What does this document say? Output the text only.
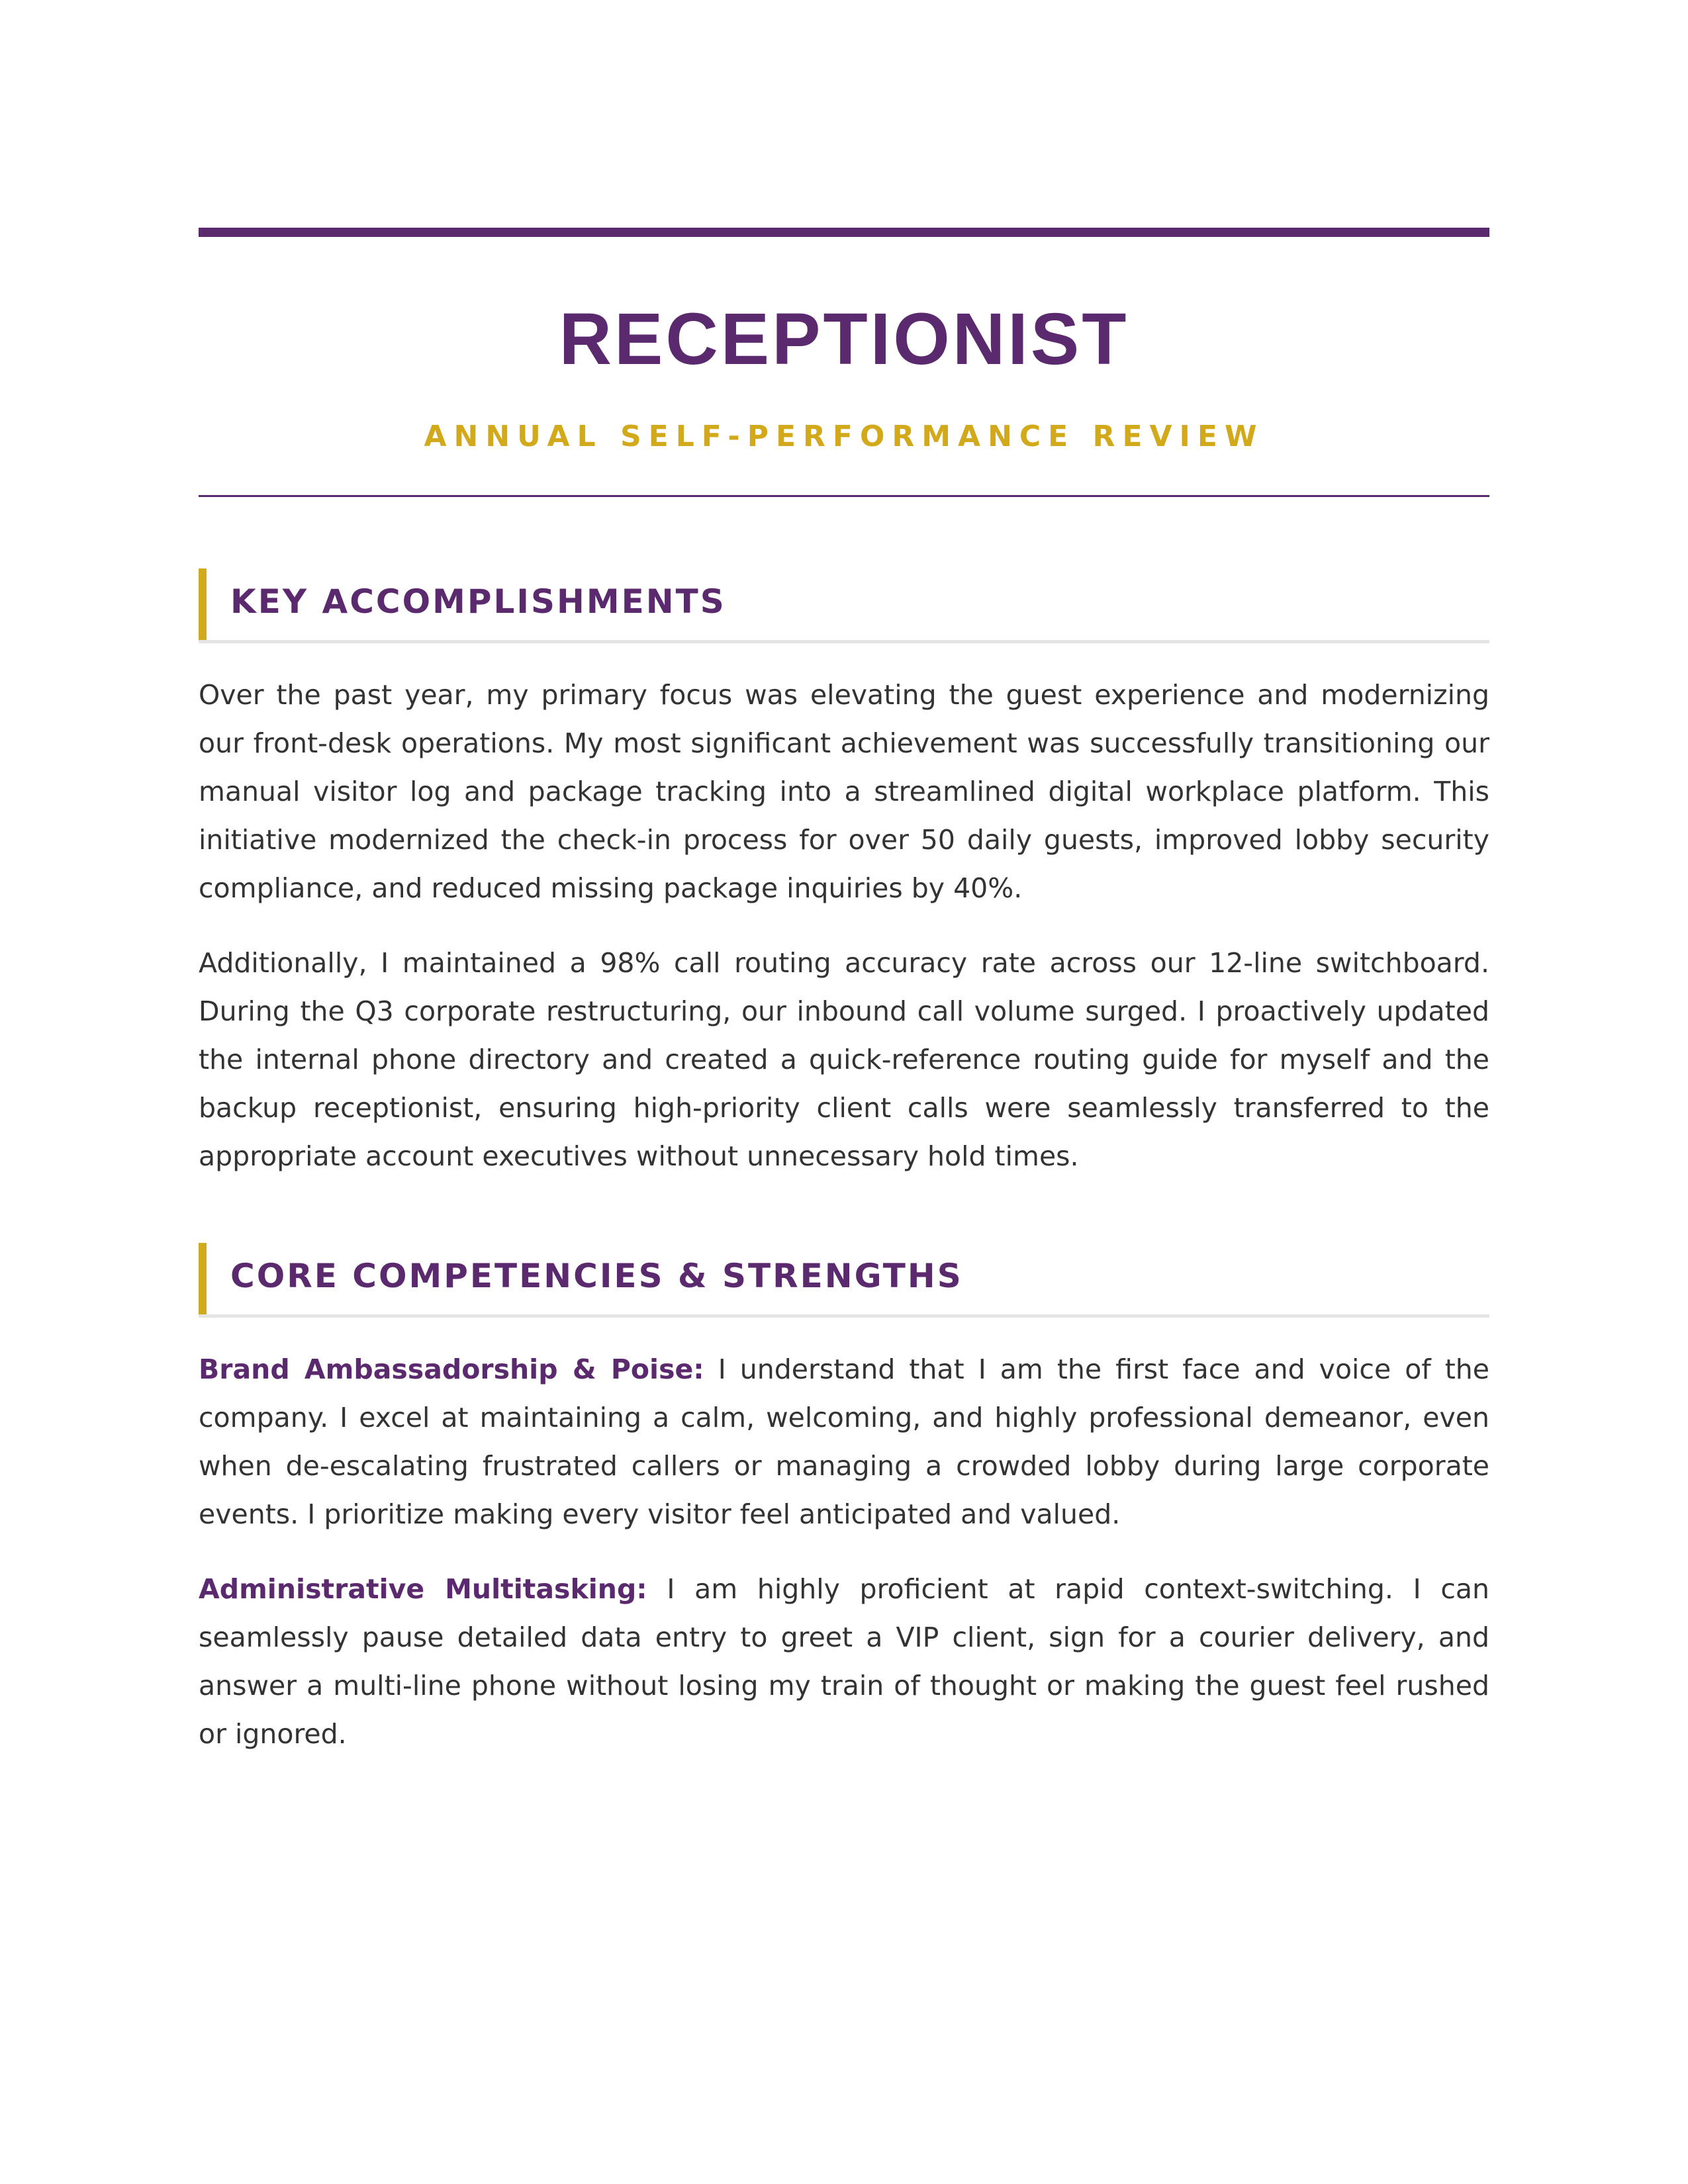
RECEPTIONIST
ANNUAL SELF-PERFORMANCE REVIEW
KEY ACCOMPLISHMENTS

Over the past year, my primary focus was elevating the guest experience and modernizing our front-desk operations. My most significant achievement was successfully transitioning our manual visitor log and package tracking into a streamlined digital workplace platform. This initiative modernized the check-in process for over 50 daily guests, improved lobby security compliance, and reduced missing package inquiries by 40%.

Additionally, I maintained a 98% call routing accuracy rate across our 12-line switchboard. During the Q3 corporate restructuring, our inbound call volume surged. I proactively updated the internal phone directory and created a quick-reference routing guide for myself and the backup receptionist, ensuring high-priority client calls were seamlessly transferred to the appropriate account executives without unnecessary hold times.

CORE COMPETENCIES & STRENGTHS

Brand Ambassadorship & Poise: I understand that I am the first face and voice of the company. I excel at maintaining a calm, welcoming, and highly professional demeanor, even when de-escalating frustrated callers or managing a crowded lobby during large corporate events. I prioritize making every visitor feel anticipated and valued.

Administrative Multitasking: I am highly proficient at rapid context-switching. I can seamlessly pause detailed data entry to greet a VIP client, sign for a courier delivery, and answer a multi-line phone without losing my train of thought or making the guest feel rushed or ignored.
